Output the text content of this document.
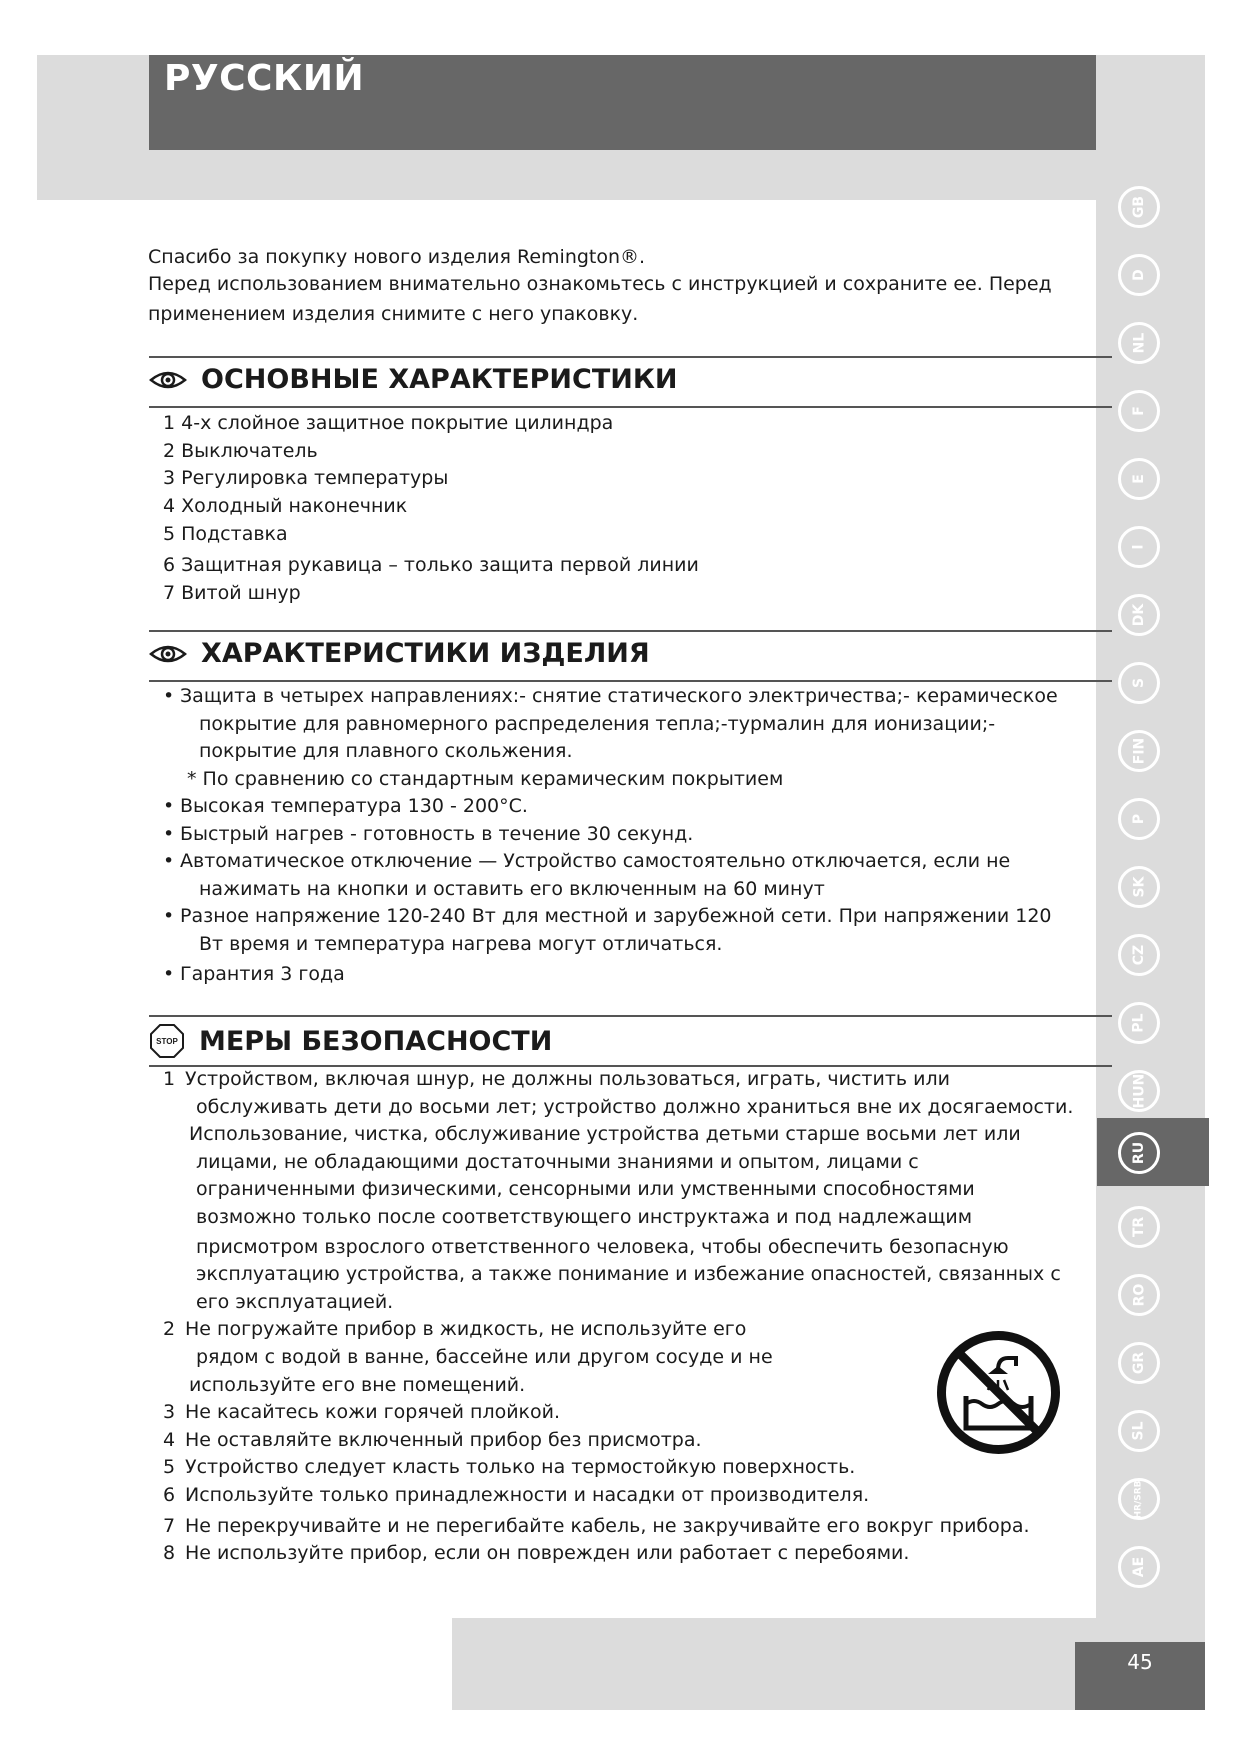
РУССКИЙ
45
GB
D
NL
F
E
I
DK
S
FIN
P
SK
CZ
PL
HUN
RU
TR
RO
GR
SL
HR/SRB
AE

Спасибо за покупку нового изделия Remington®.

Перед использованием внимательно ознакомьтесь с инструкцией и сохраните ее. Перед

применением изделия снимите с него упаковку.

ОСНОВНЫЕ ХАРАКТЕРИСТИКИ
1 4-х слойное защитное покрытие цилиндра
2 Выключатель
3 Регулировка температуры
4 Холодный наконечник
5 Подставка
6 Защитная рукавица – только защита первой линии
7 Витой шнур
ХАРАКТЕРИСТИКИ ИЗДЕЛИЯ
• Защита в четырех направлениях:- снятие статического электричества;- керамическое
покрытие для равномерного распределения тепла;-турмалин для ионизации;-
покрытие для плавного скольжения.
* По сравнению со стандартным керамическим покрытием
• Высокая температура 130 - 200°C.
• Быстрый нагрев - готовность в течение 30 секунд.
• Автоматическое отключение — Устройство самостоятельно отключается, если не
нажимать на кнопки и оставить его включенным на 60 минут
• Разное напряжение 120-240 Вт для местной и зарубежной сети. При напряжении 120
Вт время и температура нагрева могут отличаться.
• Гарантия 3 года
STOP МЕРЫ БЕЗОПАСНОСТИ
1 Устройством, включая шнур, не должны пользоваться, играть, чистить или
обслуживать дети до восьми лет; устройство должно храниться вне их досягаемости.
Использование, чистка, обслуживание устройства детьми старше восьми лет или
лицами, не обладающими достаточными знаниями и опытом, лицами с
ограниченными физическими, сенсорными или умственными способностями
возможно только после соответствующего инструктажа и под надлежащим
присмотром взрослого ответственного человека, чтобы обеспечить безопасную
эксплуатацию устройства, а также понимание и избежание опасностей, связанных с
его эксплуатацией.
2 Не погружайте прибор в жидкость, не используйте его
рядом с водой в ванне, бассейне или другом сосуде и не
используйте его вне помещений.
3 Не касайтесь кожи горячей плойкой.
4 Не оставляйте включенный прибор без присмотра.
5 Устройство следует класть только на термостойкую поверхность.
6 Используйте только принадлежности и насадки от производителя.
7 Не перекручивайте и не перегибайте кабель, не закручивайте его вокруг прибора.
8 Не используйте прибор, если он поврежден или работает с перебоями.
